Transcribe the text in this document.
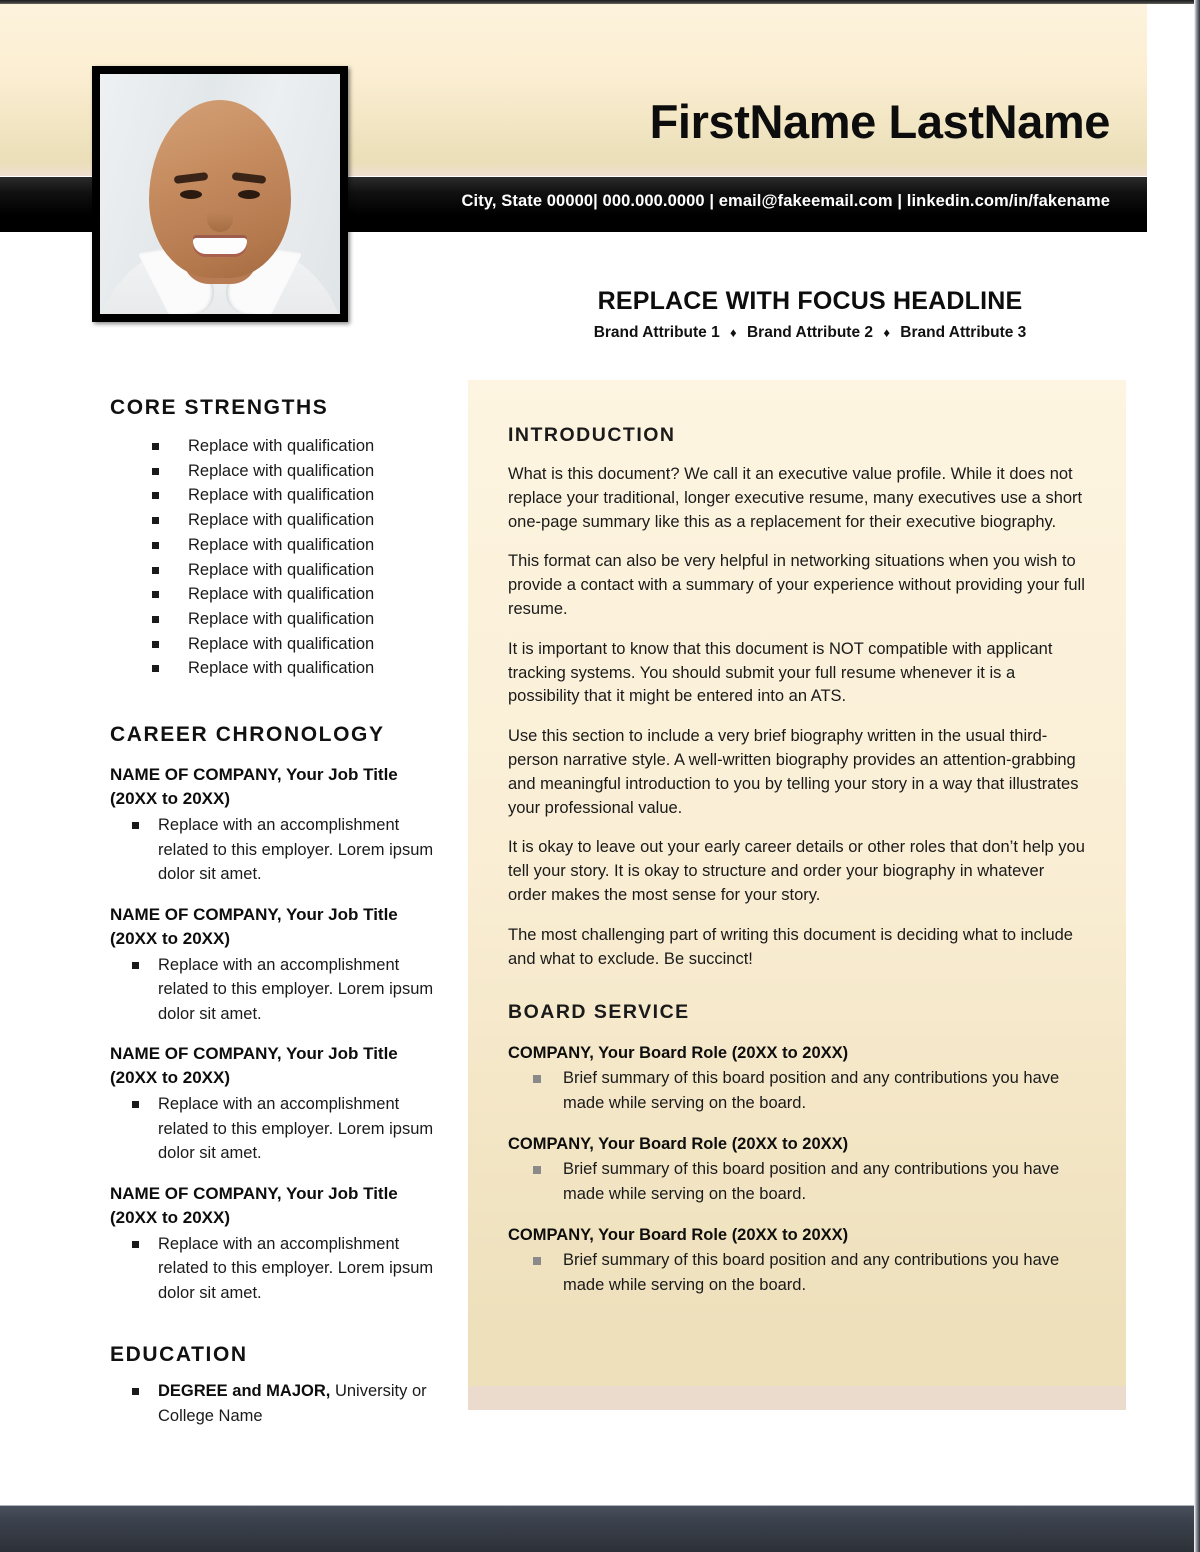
FirstName LastName
City, State 00000| 000.000.0000 | email@fakeemail.com | linkedin.com/in/fakename
REPLACE WITH FOCUS HEADLINE
Brand Attribute 1 ♦ Brand Attribute 2 ♦ Brand Attribute 3
CORE STRENGTHS
Replace with qualification
Replace with qualification
Replace with qualification
Replace with qualification
Replace with qualification
Replace with qualification
Replace with qualification
Replace with qualification
Replace with qualification
Replace with qualification
CAREER CHRONOLOGY
NAME OF COMPANY, Your Job Title (20XX to 20XX)
Replace with an accomplishment related to this employer. Lorem ipsum dolor sit amet.
NAME OF COMPANY, Your Job Title (20XX to 20XX)
Replace with an accomplishment related to this employer. Lorem ipsum dolor sit amet.
NAME OF COMPANY, Your Job Title (20XX to 20XX)
Replace with an accomplishment related to this employer. Lorem ipsum dolor sit amet.
NAME OF COMPANY, Your Job Title (20XX to 20XX)
Replace with an accomplishment related to this employer. Lorem ipsum dolor sit amet.
EDUCATION
DEGREE and MAJOR, University or College Name
INTRODUCTION

What is this document? We call it an executive value profile. While it does not replace your traditional, longer executive resume, many executives use a short one-page summary like this as a replacement for their executive biography.

This format can also be very helpful in networking situations when you wish to provide a contact with a summary of your experience without providing your full resume.

It is important to know that this document is NOT compatible with applicant tracking systems. You should submit your full resume whenever it is a possibility that it might be entered into an ATS.

Use this section to include a very brief biography written in the usual third-person narrative style. A well-written biography provides an attention-grabbing and meaningful introduction to you by telling your story in a way that illustrates your professional value.

It is okay to leave out your early career details or other roles that don’t help you tell your story. It is okay to structure and order your biography in whatever order makes the most sense for your story.

The most challenging part of writing this document is deciding what to include and what to exclude. Be succinct!

BOARD SERVICE
COMPANY, Your Board Role (20XX to 20XX)
Brief summary of this board position and any contributions you have made while serving on the board.
COMPANY, Your Board Role (20XX to 20XX)
Brief summary of this board position and any contributions you have made while serving on the board.
COMPANY, Your Board Role (20XX to 20XX)
Brief summary of this board position and any contributions you have made while serving on the board.
